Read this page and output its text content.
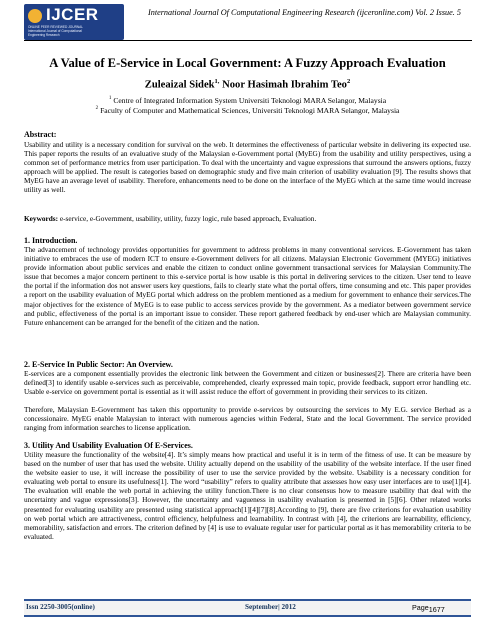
IJCER
ONLINE PEER REVIEWED JOURNAL
International Journal of Computational
Engineering Research
International Journal Of Computational Engineering Research (ijceronline.com) Vol. 2 Issue. 5
A Value of E-Service in Local Government: A Fuzzy Approach Evaluation
Zuleaizal Sidek$^{1,}$ Noor Hasimah Ibrahim Teo$^2$
$^1$ Centre of Integrated Information System Universiti Teknologi MARA Selangor, Malaysia
$^2$ Faculty of Computer and Mathematical Sciences, Universiti Teknologi MARA Selangor, Malaysia
Abstract:
Usability and utility is a necessary condition for survival on the web. It determines the effectiveness of particular website in delivering its expected use. This paper reports the results of an evaluative study of the Malaysian e-Government portal (MyEG) from the usability and utility perspectives, using a common set of performance metrics from user participation. To deal with the uncertainty and vague expressions that surround the answers options, fuzzy approach will be applied. The result is categories based on demographic study and five main criterion of usability evaluation [9]. The results shows that MyEG have an average level of usability. Therefore, enhancements need to be done on the interface of the MyEG which at the same time would increase utility as well.
Keywords: e-service, e-Government, usability, utility, fuzzy logic, rule based approach, Evaluation.
1. Introduction.
The advancement of technology provides opportunities for government to address problems in many conventional services. E-Government has taken initiative to embraces the use of modern ICT to ensure e-Government delivers for all citizens. Malaysian Electronic Government (MYEG) initiatives provide information about public services and enable the citizen to conduct online government transactional services for Malaysian Community.The issue that becomes a major concern pertinent to this e-service portal is how usable is this portal in delivering services to the citizen. User tend to leave the portal if the information dos not answer users key questions, fails to clearly state what the portal offers, time consuming and etc. This paper provides a report on the usability evaluation of MyEG portal which address on the problem mentioned as a medium for government to enhance their services.The major objectives for the existence of MyEG is to ease public to access services provide by the government. As a mediator between government service and public, effectiveness of the portal is an important issue to consider. These report gathered feedback by end-user which are Malaysian community. Future enhancement can be arranged for the benefit of the citizen and the nation.
2. E-Service In Public Sector: An Overview.
E-services are a component essentially provides the electronic link between the Government and citizen or businesses[2]. There are criteria have been defined[3] to identify usable e-services such as perceivable, comprehended, clearly expressed main topic, provide feedback, support error handling etc. Usable e-service on government portal is essential as it will assist reduce the effort of government in providing their services to its citizen.
Therefore, Malaysian E-Government has taken this opportunity to provide e-services by outsourcing the services to My E.G. service Berhad as a concessionaire. MyEG enable Malaysian to interact with numerous agencies within Federal, State and the local Government. The service provided ranging from information searches to license application.
3. Utility And Usability Evaluation Of E-Services.
Utility measure the functionality of the website[4]. It’s simply means how practical and useful it is in term of the fitness of use. It can be measure by based on the number of user that has used the website. Utility actually depend on the usability of the usability of the website interface. If the user fined the website easier to use, it will increase the possibility of user to use the service provided by the website. Usability is a necessary condition for evaluating web portal to ensure its usefulness[1]. The word “usability” refers to quality attribute that assesses how easy user interfaces are to use[1][4]. The evaluation will enable the web portal in achieving the utility function.There is no clear consensus how to measure usability that deal with the uncertainty and vague expressions[3]. However, the uncertainty and vagueness in usability evaluation is presented in [5][6]. Other related works presented for evaluating usability are presented using statistical approach[1][4][7][8].According to [9], there are five criterions for evaluation usability on web portal which are attractiveness, control efficiency, helpfulness and learnability. In contrast with [4], the criterions are learnability, efficiency, memorability, satisfaction and errors. The criterion defined by [4] is use to evaluate regular user for particular portal as it has memorability criteria to be evaluated.
Issn 2250-3005(online)	September| 2012	Page 1677
